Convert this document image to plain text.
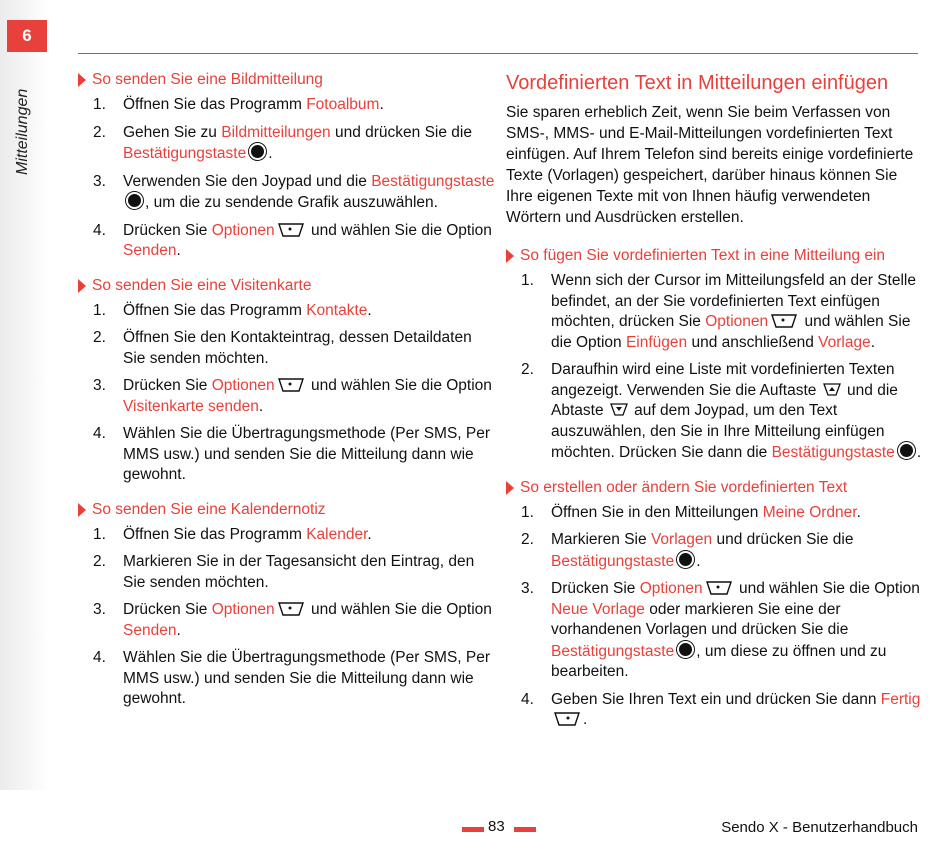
6
Mitteilungen
So senden Sie eine Bildmitteilung
1.	Öffnen Sie das Programm Fotoalbum.
2.	Gehen Sie zu Bildmitteilungen und drücken Sie die Bestätigungstaste .
3.	Verwenden Sie den Joypad und die Bestätigungstaste, um die zu sendende Grafik auszuwählen.
4.	Drücken Sie Optionen
und wählen Sie die Option Senden.
So senden Sie eine Visitenkarte
1.	Öffnen Sie das Programm Kontakte.
2.	Öffnen Sie den Kontakteintrag, dessen Detaildaten Sie senden möchten.
3.	Drücken Sie Optionen
und wählen Sie die Option Visitenkarte senden.
4.	Wählen Sie die Übertragungsmethode (Per SMS, Per MMS usw.) und senden Sie die Mitteilung dann wie gewohnt.
So senden Sie eine Kalendernotiz
1.	Öffnen Sie das Programm Kalender.
2.	Markieren Sie in der Tagesansicht den Eintrag, den Sie senden möchten.
3.	Drücken Sie Optionen
und wählen Sie die Option Senden.
4.	Wählen Sie die Übertragungsmethode (Per SMS, Per MMS usw.) und senden Sie die Mitteilung dann wie gewohnt.
Vordefinierten Text in Mitteilungen einfügen
Sie sparen erheblich Zeit, wenn Sie beim Verfassen von SMS-, MMS- und E-Mail-Mitteilungen vordefinierten Text einfügen. Auf Ihrem Telefon sind bereits einige vordefinierte Texte (Vorlagen) gespeichert, darüber hinaus können Sie Ihre eigenen Texte mit von Ihnen häufig verwendeten Wörtern und Ausdrücken erstellen.
So fügen Sie vordefinierten Text in eine Mitteilung ein
1.	Wenn sich der Cursor im Mitteilungsfeld an der Stelle befindet, an der Sie vordefinierten Text einfügen möchten, drücken Sie Optionen
und wählen Sie die Option Einfügen und anschließend Vorlage.
2.	Daraufhin wird eine Liste mit vordefinierten Texten angezeigt. Verwenden Sie die Auftaste  und die Abtaste  auf dem Joypad, um den Text auszuwählen, den Sie in Ihre Mitteilung einfügen möchten. Drücken Sie dann die Bestätigungstaste .
So erstellen oder ändern Sie vordefinierten Text
1.	Öffnen Sie in den Mitteilungen Meine Ordner.
2.	Markieren Sie Vorlagen und drücken Sie die Bestätigungstaste .
3.	Drücken Sie Optionen
und wählen Sie die Option Neue Vorlage oder markieren Sie eine der vorhandenen Vorlagen und drücken Sie die Bestätigungstaste , um diese zu öffnen und zu bearbeiten.
4.	Geben Sie Ihren Text ein und drücken Sie dann Fertig
.
83	Sendo X - Benutzerhandbuch
